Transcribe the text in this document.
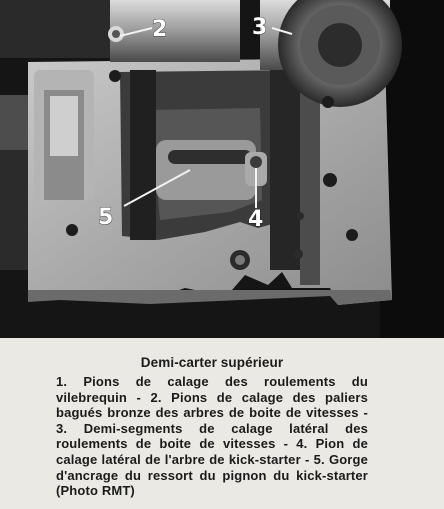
2	3
5	4

Demi-carter supérieur

1. Pions de calage des roulements du vilebrequin - 2. Pions de calage des paliers bagués bronze des arbres de boite de vitesses - 3. Demi-segments de calage latéral des roulements de boite de vitesses - 4. Pion de calage latéral de l'arbre de kick-starter - 5. Gorge d'ancrage du ressort du pignon du kick-starter (Photo RMT)
